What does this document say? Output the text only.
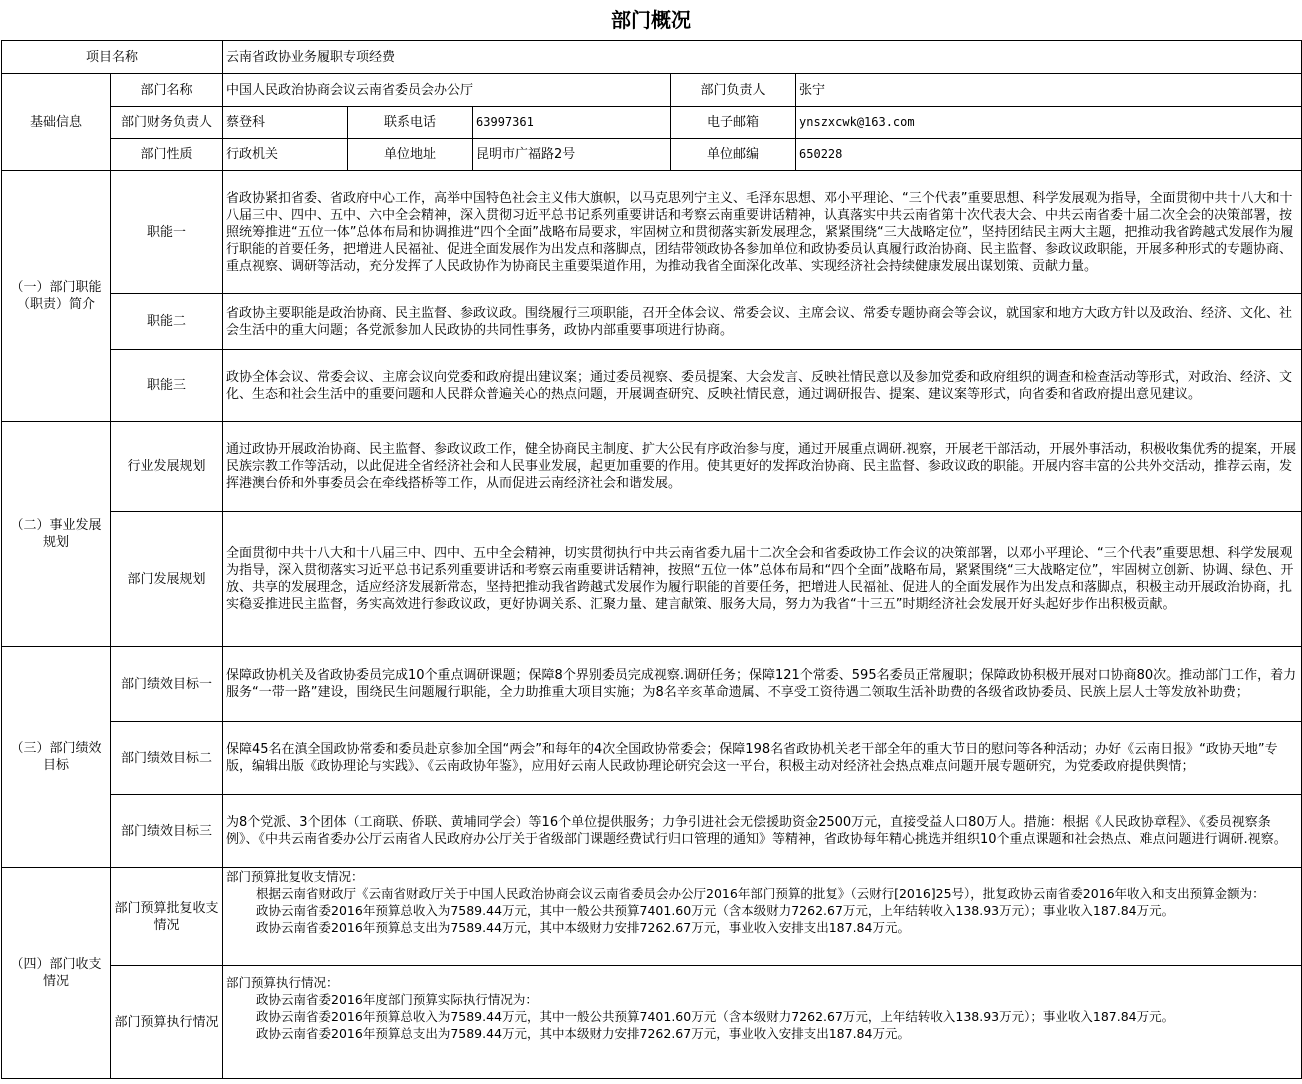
部门概况
项目名称		云南省政协业务履职专项经费				
基础信息	部门名称	中国人民政治协商会议云南省委员会办公厅			部门负责人	张宁
	部门财务负责人	蔡登科	联系电话	63997361	电子邮箱	ynszxcwk@163.com
	部门性质	行政机关	单位地址	昆明市广福路2号	单位邮编	650228
（一）部门职能（职责）简介	职能一	省政协紧扣省委、省政府中心工作，高举中国特色社会主义伟大旗帜，以马克思列宁主义、毛泽东思想、邓小平理论、“三个代表”重要思想、科学发展观为指导，全面贯彻中共十八大和十八届三中、四中、五中、六中全会精神，深入贯彻习近平总书记系列重要讲话和考察云南重要讲话精神，认真落实中共云南省第十次代表大会、中共云南省委十届二次全会的决策部署，按照统筹推进“五位一体”总体布局和协调推进“四个全面”战略布局要求，牢固树立和贯彻落实新发展理念，紧紧围绕“三大战略定位”，坚持团结民主两大主题，把推动我省跨越式发展作为履行职能的首要任务，把增进人民福祉、促进全面发展作为出发点和落脚点，团结带领政协各参加单位和政协委员认真履行政治协商、民主监督、参政议政职能，开展多种形式的专题协商、重点视察、调研等活动，充分发挥了人民政协作为协商民主重要渠道作用，为推动我省全面深化改革、实现经济社会持续健康发展出谋划策、贡献力量。				
	职能二	省政协主要职能是政治协商、民主监督、参政议政。围绕履行三项职能，召开全体会议、常委会议、主席会议、常委专题协商会等会议，就国家和地方大政方针以及政治、经济、文化、社会生活中的重大问题；各党派参加人民政协的共同性事务，政协内部重要事项进行协商。				
	职能三	政协全体会议、常委会议、主席会议向党委和政府提出建议案；通过委员视察、委员提案、大会发言、反映社情民意以及参加党委和政府组织的调查和检查活动等形式，对政治、经济、文化、生态和社会生活中的重要问题和人民群众普遍关心的热点问题，开展调查研究、反映社情民意，通过调研报告、提案、建议案等形式，向省委和省政府提出意见建议。				
（二）事业发展规划	行业发展规划	通过政协开展政治协商、民主监督、参政议政工作，健全协商民主制度、扩大公民有序政治参与度，通过开展重点调研.视察，开展老干部活动，开展外事活动，积极收集优秀的提案，开展民族宗教工作等活动，以此促进全省经济社会和人民事业发展，起更加重要的作用。使其更好的发挥政治协商、民主监督、参政议政的职能。开展内容丰富的公共外交活动，推荐云南，发挥港澳台侨和外事委员会在牵线搭桥等工作，从而促进云南经济社会和谐发展。				
	部门发展规划	全面贯彻中共十八大和十八届三中、四中、五中全会精神，切实贯彻执行中共云南省委九届十二次全会和省委政协工作会议的决策部署，以邓小平理论、“三个代表”重要思想、科学发展观为指导，深入贯彻落实习近平总书记系列重要讲话和考察云南重要讲话精神，按照“五位一体”总体布局和“四个全面”战略布局，紧紧围绕“三大战略定位”，牢固树立创新、协调、绿色、开放、共享的发展理念，适应经济发展新常态，坚持把推动我省跨越式发展作为履行职能的首要任务，把增进人民福祉、促进人的全面发展作为出发点和落脚点，积极主动开展政治协商，扎实稳妥推进民主监督，务实高效进行参政议政，更好协调关系、汇聚力量、建言献策、服务大局，努力为我省“十三五”时期经济社会发展开好头起好步作出积极贡献。				
（三）部门绩效目标	部门绩效目标一	保障政协机关及省政协委员完成10个重点调研课题；保障8个界别委员完成视察.调研任务；保障121个常委、595名委员正常履职；保障政协积极开展对口协商80次。推动部门工作，着力服务“一带一路”建设，围绕民生问题履行职能，全力助推重大项目实施；为8名辛亥革命遗属、不享受工资待遇二领取生活补助费的各级省政协委员、民族上层人士等发放补助费；				
	部门绩效目标二	保障45名在滇全国政协常委和委员赴京参加全国“两会”和每年的4次全国政协常委会；保障198名省政协机关老干部全年的重大节日的慰问等各种活动；办好《云南日报》“政协天地”专版，编辑出版《政协理论与实践》、《云南政协年鉴》，应用好云南人民政协理论研究会这一平台，积极主动对经济社会热点难点问题开展专题研究，为党委政府提供舆情；				
	部门绩效目标三	为8个党派、3个团体（工商联、侨联、黄埔同学会）等16个单位提供服务；力争引进社会无偿援助资金2500万元，直接受益人口80万人。措施：根据《人民政协章程》、《委员视察条例》、《中共云南省委办公厅云南省人民政府办公厅关于省级部门课题经费试行归口管理的通知》等精神，省政协每年精心挑选并组织10个重点课题和社会热点、难点问题进行调研.视察。				
（四）部门收支情况	部门预算批复收支情况	部门预算批复收支情况：
根据云南省财政厅《云南省财政厅关于中国人民政治协商会议云南省委员会办公厅2016年部门预算的批复》（云财行[2016]25号），批复政协云南省委2016年收入和支出预算金额为：
政协云南省委2016年预算总收入为7589.44万元，其中一般公共预算7401.60万元（含本级财力7262.67万元，上年结转收入138.93万元）；事业收入187.84万元。
政协云南省委2016年预算总支出为7589.44万元，其中本级财力安排7262.67万元，事业收入安排支出187.84万元。				

	部门预算执行情况	部门预算执行情况：
政协云南省委2016年度部门预算实际执行情况为：
政协云南省委2016年预算总收入为7589.44万元，其中一般公共预算7401.60万元（含本级财力7262.67万元，上年结转收入138.93万元）；事业收入187.84万元。
政协云南省委2016年预算总支出为7589.44万元，其中本级财力安排7262.67万元，事业收入安排支出187.84万元。				
